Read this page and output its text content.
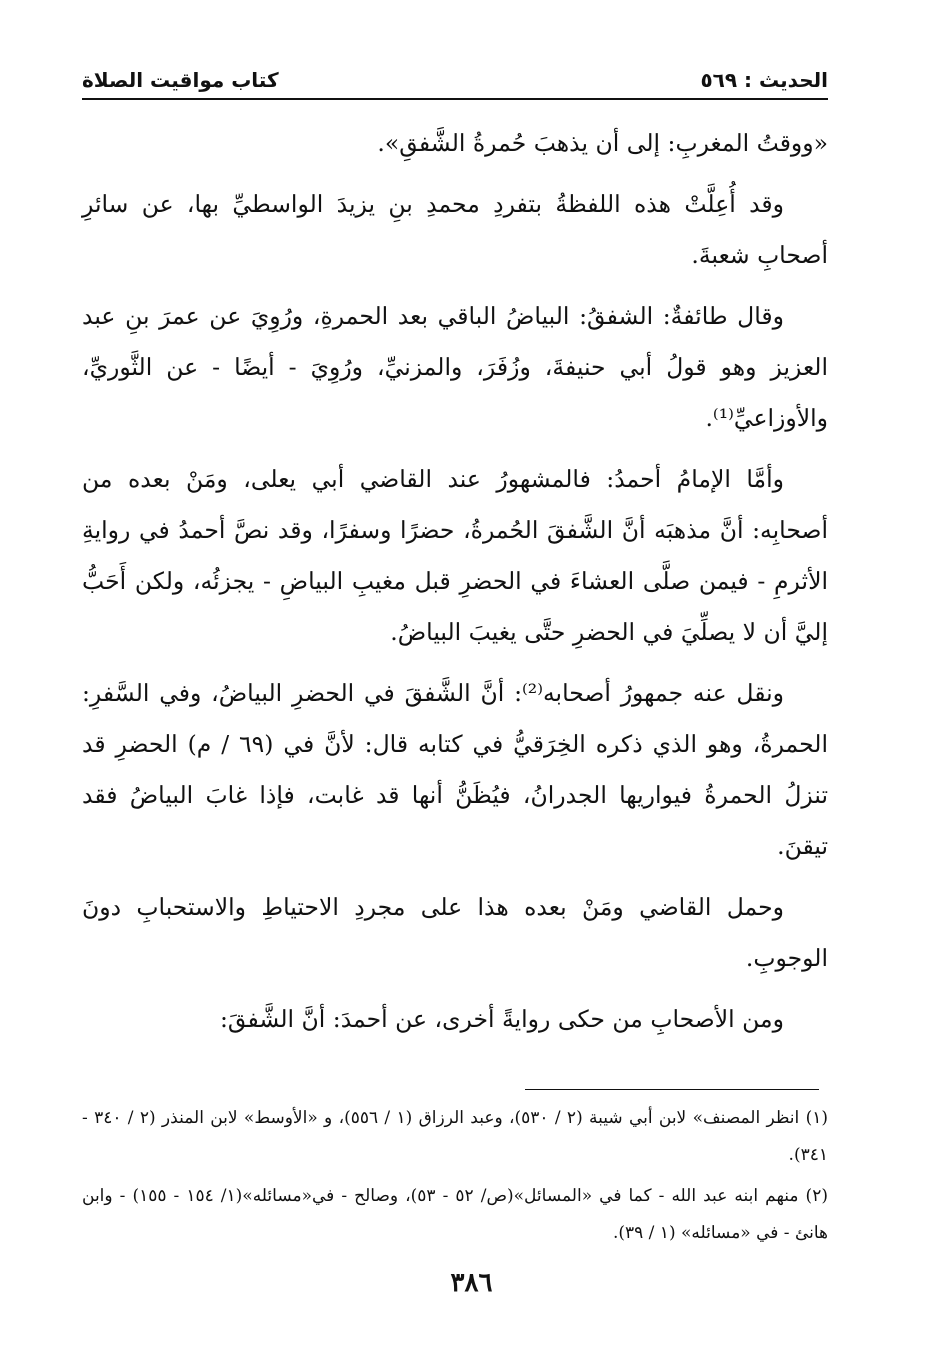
الحديث : ٥٦٩
كتاب مواقيت الصلاة

«ووقتُ المغربِ: إلى أن يذهبَ حُمرةُ الشَّفقِ».

وقد أُعِلَّتْ هذه اللفظةُ بتفردِ محمدِ بنِ يزيدَ الواسطيِّ بها، عن سائرِ أصحابِ شعبةَ.

وقال طائفةٌ: الشفقُ: البياضُ الباقي بعد الحمرةِ، ورُوِيَ عن عمرَ بنِ عبد العزيز وهو قولُ أبي حنيفةَ، وزُفَرَ، والمزنيِّ، ورُوِيَ - أيضًا - عن الثَّوريِّ، والأوزاعيِّ⁽¹⁾.

وأمَّا الإمامُ أحمدُ: فالمشهورُ عند القاضي أبي يعلى، ومَنْ بعده من أصحابِه: أنَّ مذهبَه أنَّ الشَّفقَ الحُمرةُ، حضرًا وسفرًا، وقد نصَّ أحمدُ في روايةِ الأثرمِ - فيمن صلَّى العشاءَ في الحضرِ قبل مغيبِ البياضِ - يجزئُه، ولكن أَحَبُّ إليَّ أن لا يصلِّيَ في الحضرِ حتَّى يغيبَ البياضُ.

ونقل عنه جمهورُ أصحابه⁽²⁾: أنَّ الشَّفقَ في الحضرِ البياضُ، وفي السَّفرِ: الحمرةُ، وهو الذي ذكره الخِرَقيُّ في كتابه قال: لأنَّ في (٦٩ / م) الحضرِ قد تنزلُ الحمرةُ فيواريها الجدرانُ، فيُظَنُّ أنها قد غابت، فإذا غابَ البياضُ فقد تيقنَ.

وحمل القاضي ومَنْ بعده هذا على مجردِ الاحتياطِ والاستحبابِ دونَ الوجوبِ.

ومن الأصحابِ من حكى روايةً أخرى، عن أحمدَ: أنَّ الشَّفقَ:

(١) انظر المصنف» لابن أبي شيبة (٢ / ٥٣٠)، وعبد الرزاق (١ / ٥٥٦)، و «الأوسط» لابن المنذر (٢ / ٣٤٠ - ٣٤١).

(٢) منهم ابنه عبد الله - كما في «المسائل»(ص/ ٥٢ - ٥٣)، وصالح - في«مسائله»(١/ ١٥٤ - ١٥٥) - وابن هانئ - في «مسائله» (١ / ٣٩).

٣٨٦
